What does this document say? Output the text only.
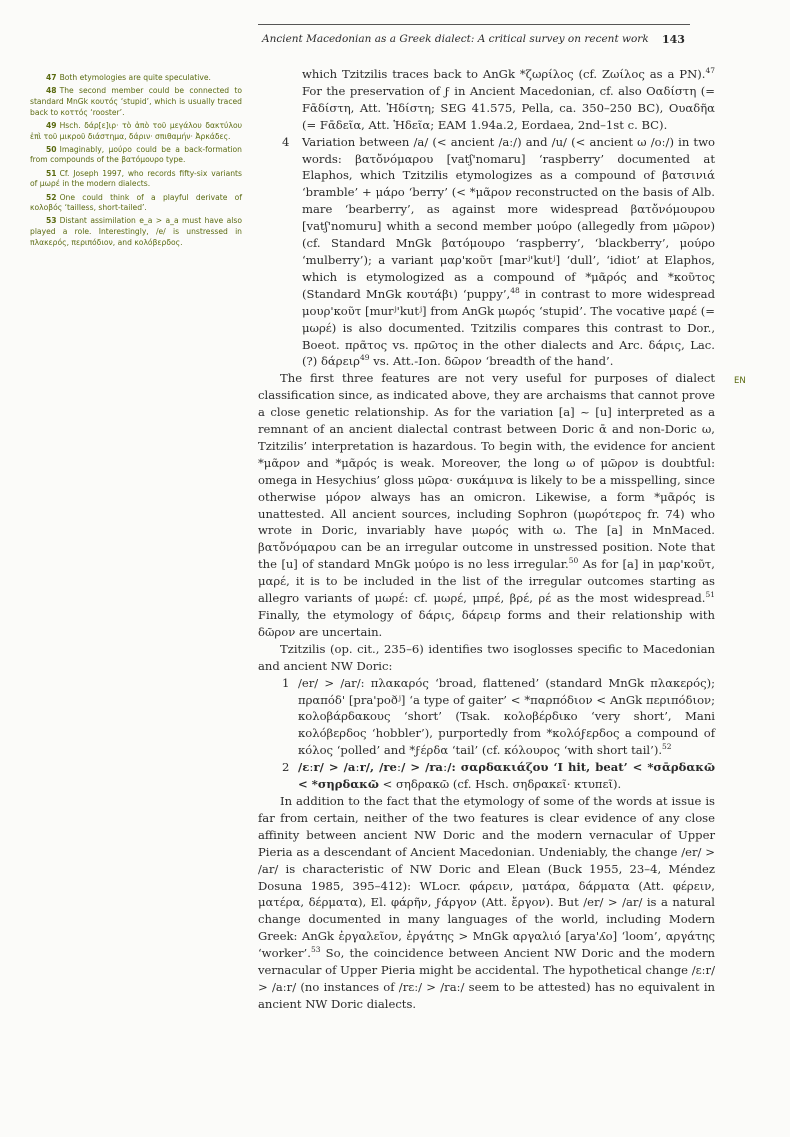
Ancient Macedonian as a Greek dialect: A critical survey on recent work 143

47 Both etymologies are quite speculative.

48 The second member could be connected to standard MnGk κουτός ‘stupid’, which is usually traced back to κοττός ‘rooster’.

49 Hsch. δάρ[ε]ιρ· τὸ ἀπὸ τοῦ μεγάλου δακτύλου ἐπὶ τοῦ μικροῦ διάστημα, δάριν· σπιθαμήν· Ἀρκάδες.

50 Imaginably, μούρο could be a back-formation from compounds of the βατόμουρο type.

51 Cf. Joseph 1997, who records fifty-six variants of μωρέ in the modern dialects.

52 One could think of a playful derivate of κολοβός ‘tailless, short-tailed’.

53 Distant assimilation e_a > a_a must have also played a role. Interestingly, /e/ is unstressed in πλακερός, περιπόδιον, and κολόβερδος.

EN

which Tzitzilis traces back to AnGk *ζωρίλος (cf. Ζωίλος as a PN).$^{47}$ For the preservation of ϝ in Ancient Macedonian, cf. also Οαδίστη (= Fᾱδίστη, Att. Ἡδίστη; SEG 41.575, Pella, ca. 350–250 BC), Ουαδῆα (= Fᾱδεῖα, Att. Ἡδεῖα; EAM 1.94a.2, Eordaea, 2nd–1st c. BC).

4 Variation between /a/ (< ancient /aː/) and /u/ (< ancient ω /oː/) in two words: βατὄνόμαρου [vatʃ'nomaru] ‘raspberry’ documented at Elaphos, which Tzitzilis etymologizes as a compound of βατσινιά ‘bramble’ + μάρο ‘berry’ (< *μᾶρον reconstructed on the basis of Alb. mare ‘bearberry’, as against more widespread βατὄνόμουρου [vatʃ'nomuru] whith a second member μούρο (allegedly from μῶρον) (cf. Standard MnGk βατόμουρο ‘raspberry’, ‘blackberry’, μούρο ‘mulberry’); a variant μαρ'κοῦτ [marʲ'kutʲ] ‘dull’, ‘idiot’ at Elaphos, which is etymologized as a compound of *μᾶρός and *κοῦτος (Standard MnGk κουτάβι) ‘puppy’,$^{48}$ in contrast to more widespread μουρ'κοῦτ [murʲ'kutʲ] from AnGk μωρός ‘stupid’. The vocative μαρέ (= μωρέ) is also documented. Tzitzilis compares this contrast to Dor., Boeot. πρᾶτος vs. πρῶτος in the other dialects and Arc. δάρις, Lac. (?) δάρειρ$^{49}$ vs. Att.-Ion. δῶρον ‘breadth of the hand’.

The first three features are not very useful for purposes of dialect classification since, as indicated above, they are archaisms that cannot prove a close genetic relationship. As for the variation [a] ~ [u] interpreted as a remnant of an ancient dialectal contrast between Doric ᾱ and non-Doric ω, Tzitzilis’ interpretation is hazardous. To begin with, the evidence for ancient *μᾶρον and *μᾶρός is weak. Moreover, the long ω of μῶρον is doubtful: omega in Hesychius’ gloss μῶρα· συκάμινα is likely to be a misspelling, since otherwise μόρον always has an omicron. Likewise, a form *μᾶρός is unattested. All ancient sources, including Sophron (μωρότερος fr. 74) who wrote in Doric, invariably have μωρός with ω. The [a] in MnMaced. βατὄνόμαρου can be an irregular outcome in unstressed position. Note that the [u] of standard MnGk μούρο is no less irregular.$^{50}$ As for [a] in μαρ'κοῦτ, μαρέ, it is to be included in the list of the irregular outcomes starting as allegro variants of μωρέ: cf. μωρέ, μπρέ, βρέ, ρέ as the most widespread.$^{51}$ Finally, the etymology of δάρις, δάρειρ forms and their relationship with δῶρον are uncertain.

Tzitzilis (op. cit., 235–6) identifies two isoglosses specific to Macedonian and ancient NW Doric:

1 /er/ > /ar/: πλακαρός ‘broad, flattened’ (standard MnGk πλακερός); πραπόδ' [pra'poðʲ] ‘a type of gaiter’ < *παρπόδιον < AnGk περιπόδιον; κολοβάρδακους ‘short’ (Tsak. κολοβέρδικο ‘very short’, Mani κολόβερδος ‘hobbler’), purportedly from *κολόϝερδος a compound of κόλος ‘polled’ and *ϝέρδα ‘tail’ (cf. κόλουρος ‘with short tail’).$^{52}$

2 /ɛːr/ > /aːr/, /reː/ > /raː/: σαρδακιάζου ‘I hit, beat’ < *σᾱρδακῶ < *σηρδακῶ < σηδρακῶ (cf. Hsch. σηδρακεῖ· κτυπεῖ).

In addition to the fact that the etymology of some of the words at issue is far from certain, neither of the two features is clear evidence of any close affinity between ancient NW Doric and the modern vernacular of Upper Pieria as a descendant of Ancient Macedonian. Undeniably, the change /er/ > /ar/ is characteristic of NW Doric and Elean (Buck 1955, 23–4, Méndez Dosuna 1985, 395–412): WLocr. φάρειν, ματάρα, δάρματα (Att. φέρειν, ματέρα, δέρματα), El. φάρῆν, ϝάργον (Att. ἔργον). But /er/ > /ar/ is a natural change documented in many languages of the world, including Modern Greek: AnGk ἐργαλεῖον, ἐργάτης > MnGk αργαλιό [arya'ʎo] ‘loom’, αργάτης ‘worker’.$^{53}$ So, the coincidence between Ancient NW Doric and the modern vernacular of Upper Pieria might be accidental. The hypothetical change /ɛːr/ > /aːr/ (no instances of /rɛː/ > /raː/ seem to be attested) has no equivalent in ancient NW Doric dialects.
